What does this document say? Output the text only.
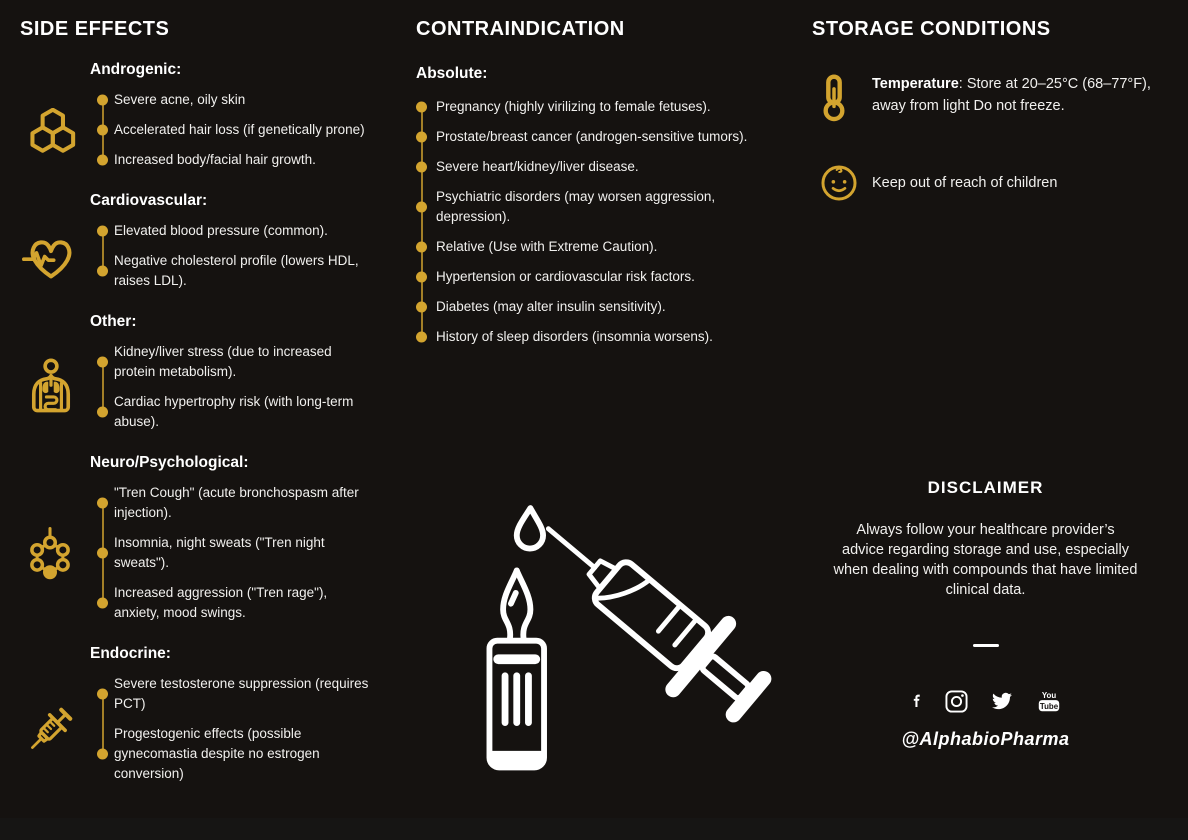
SIDE EFFECTS
Androgenic:
Severe acne, oily skin
Accelerated hair loss (if genetically prone)
Increased body/facial hair growth.
Cardiovascular:
Elevated blood pressure (common).
Negative cholesterol profile (lowers HDL, raises LDL).
Other:
Kidney/liver stress (due to increased protein metabolism).
Cardiac hypertrophy risk (with long-term abuse).
Neuro/Psychological:
"Tren Cough" (acute bronchospasm after injection).
Insomnia, night sweats ("Tren night sweats").
Increased aggression ("Tren rage"), anxiety, mood swings.
Endocrine:
Severe testosterone suppression (requires PCT)
Progestogenic effects (possible gynecomastia despite no estrogen conversion)
CONTRAINDICATION
Absolute:
Pregnancy (highly virilizing to female fetuses).
Prostate/breast cancer (androgen-sensitive tumors).
Severe heart/kidney/liver disease.
Psychiatric disorders (may worsen aggression, depression).
Relative (Use with Extreme Caution).
Hypertension or cardiovascular risk factors.
Diabetes (may alter insulin sensitivity).
History of sleep disorders (insomnia worsens).
STORAGE CONDITIONS
Temperature: Store at 20–25°C (68–77°F), away from light Do not freeze.
Keep out of reach of children
DISCLAIMER

Always follow your healthcare provider’s advice regarding storage and use, especially when dealing with compounds that have limited clinical data.

You
Tube
@AlphabioPharma
